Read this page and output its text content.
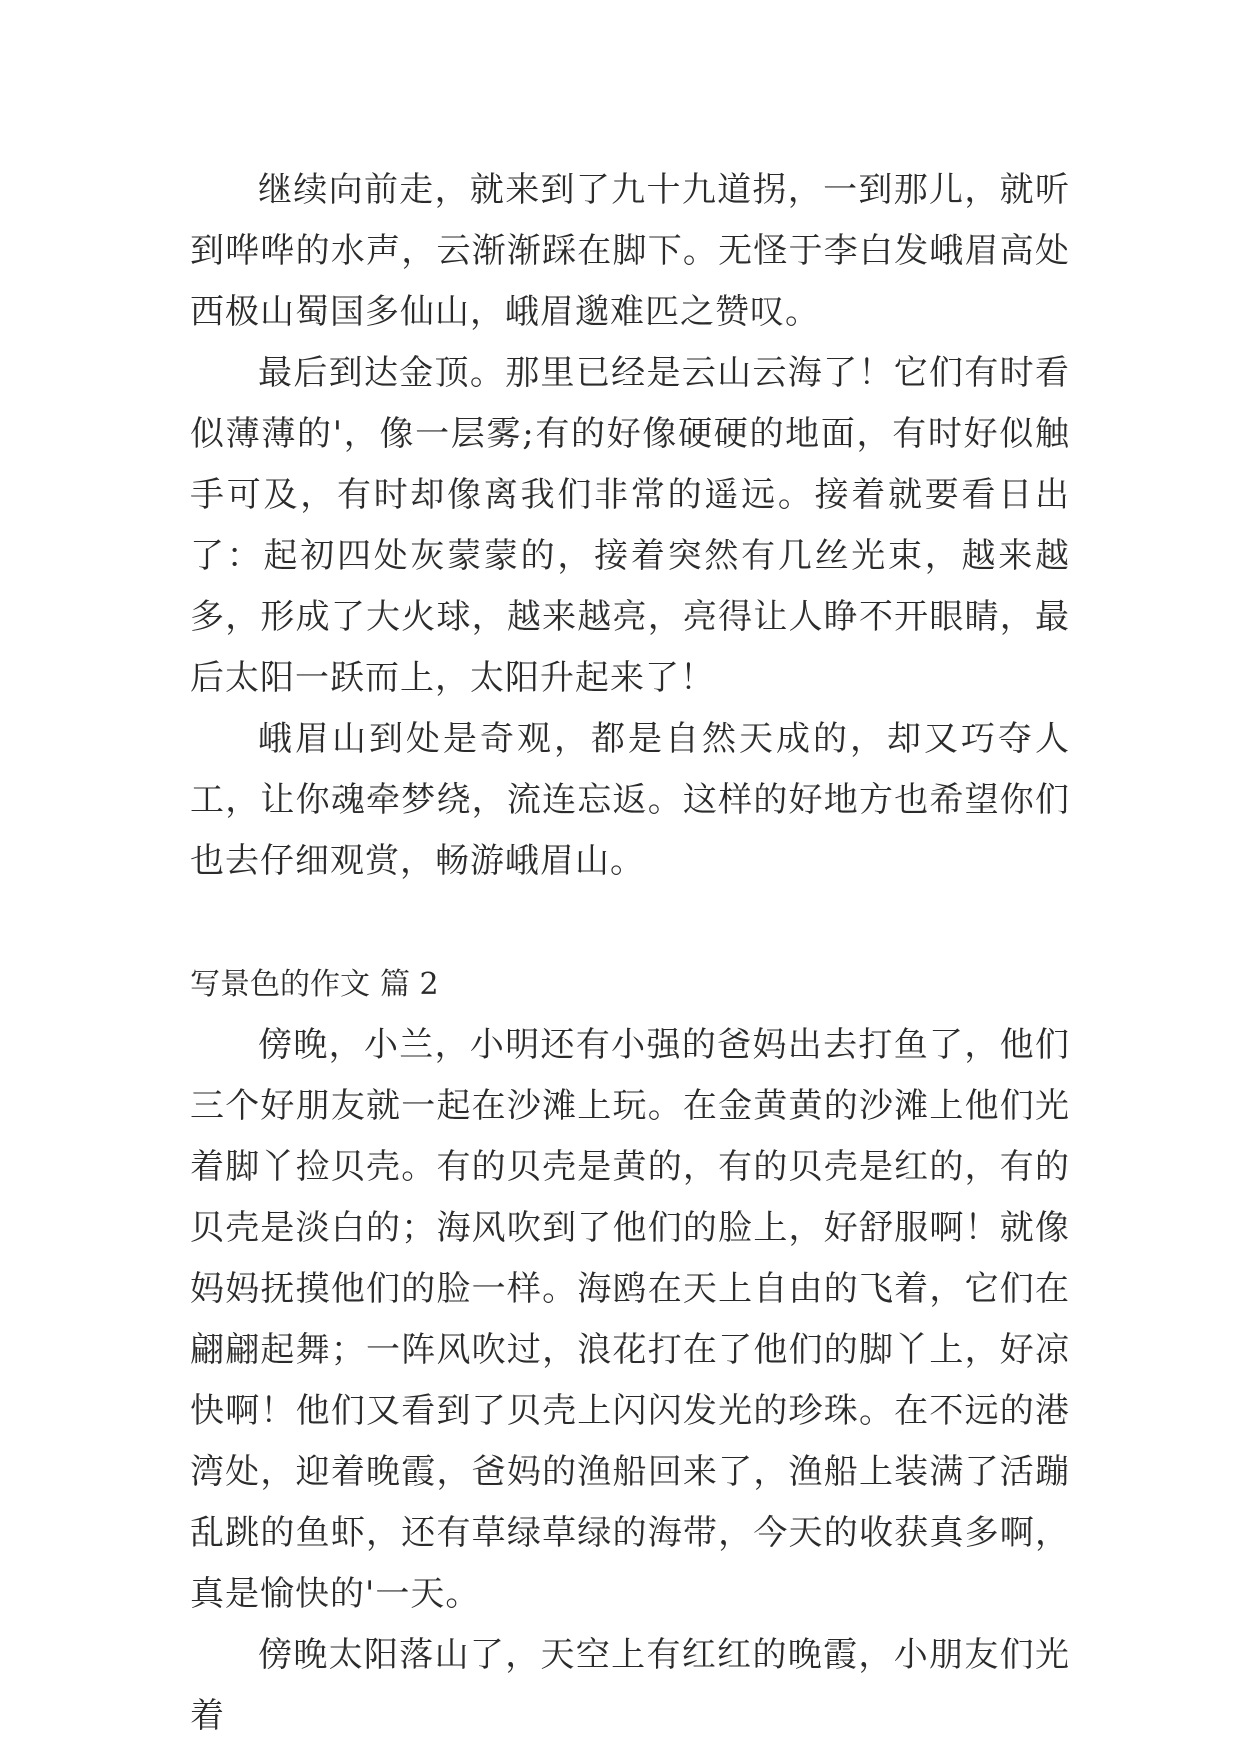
继续向前走，就来到了九十九道拐，一到那儿，就听到哗哗的水声，云渐渐踩在脚下。无怪于李白发峨眉高处西极山蜀国多仙山，峨眉邈难匹之赞叹。

最后到达金顶。那里已经是云山云海了！它们有时看似薄薄的'，像一层雾;有的好像硬硬的地面，有时好似触手可及，有时却像离我们非常的遥远。接着就要看日出了：起初四处灰蒙蒙的，接着突然有几丝光束，越来越多，形成了大火球，越来越亮，亮得让人睁不开眼睛，最后太阳一跃而上，太阳升起来了！

峨眉山到处是奇观，都是自然天成的，却又巧夺人工，让你魂牵梦绕，流连忘返。这样的好地方也希望你们也去仔细观赏，畅游峨眉山。

写景色的作文 篇 2

傍晚，小兰，小明还有小强的爸妈出去打鱼了，他们三个好朋友就一起在沙滩上玩。在金黄黄的沙滩上他们光着脚丫捡贝壳。有的贝壳是黄的，有的贝壳是红的，有的贝壳是淡白的；海风吹到了他们的脸上，好舒服啊！就像妈妈抚摸他们的脸一样。海鸥在天上自由的飞着，它们在翩翩起舞；一阵风吹过，浪花打在了他们的脚丫上，好凉快啊！他们又看到了贝壳上闪闪发光的珍珠。在不远的港湾处，迎着晚霞，爸妈的渔船回来了，渔船上装满了活蹦乱跳的鱼虾，还有草绿草绿的海带，今天的收获真多啊，真是愉快的'一天。

傍晚太阳落山了，天空上有红红的晚霞，小朋友们光着
